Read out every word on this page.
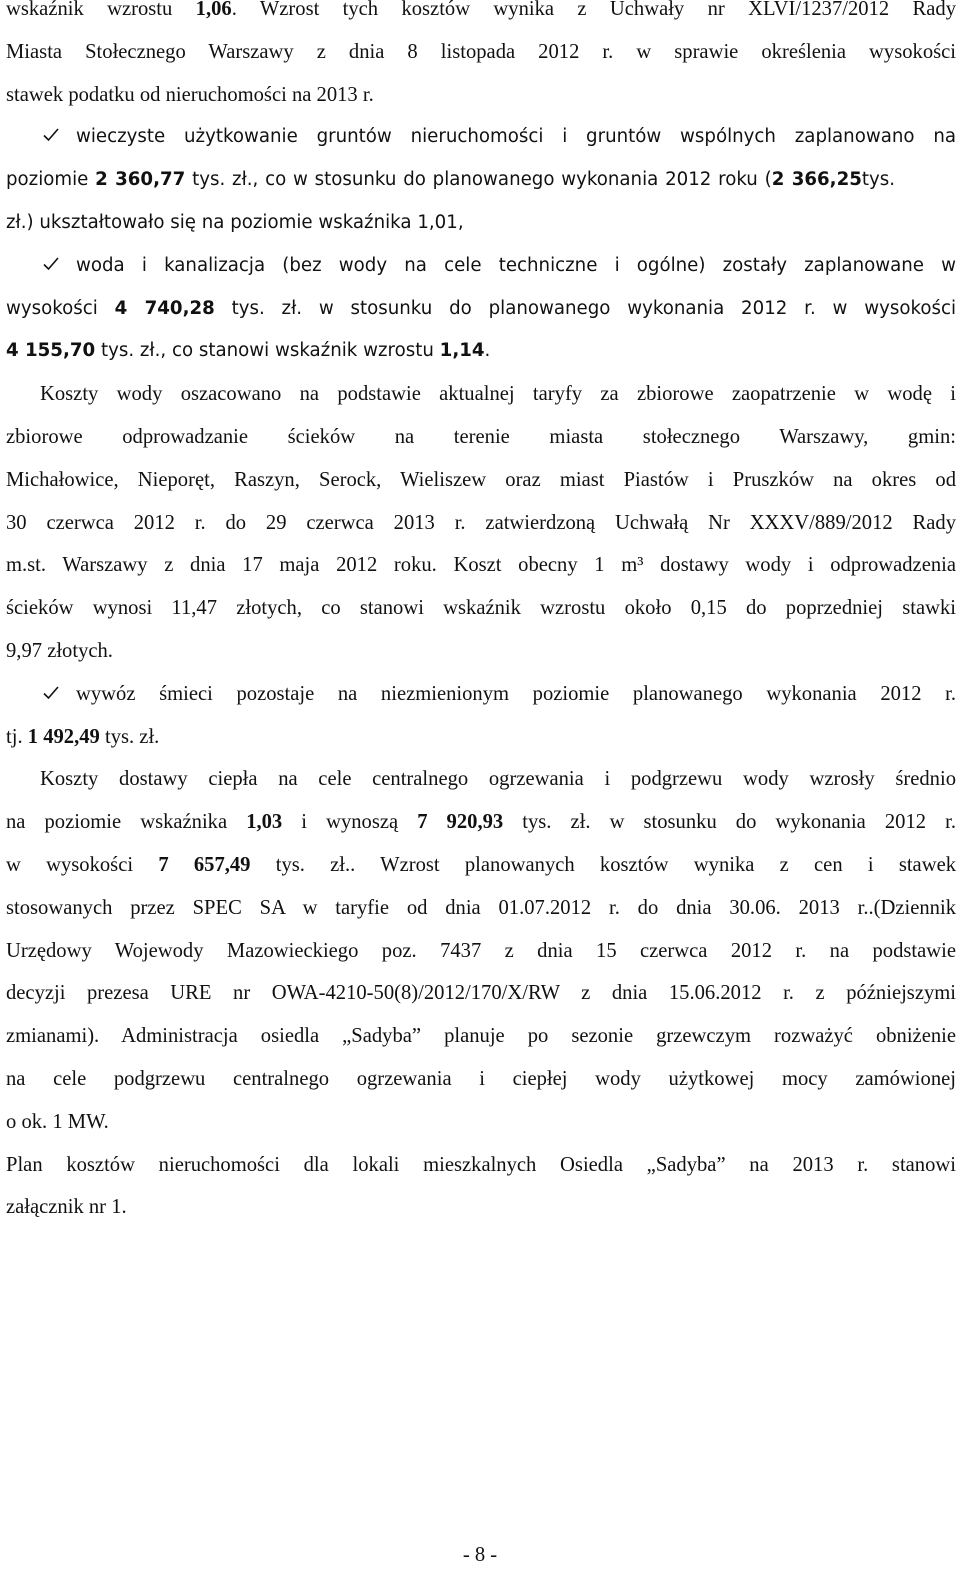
wskaźnik wzrostu 1,06. Wzrost tych kosztów wynika z Uchwały nr XLVI/1237/2012 Rady
Miasta Stołecznego Warszawy z dnia 8 listopada 2012 r. w sprawie określenia wysokości
stawek podatku od nieruchomości na 2013 r.
wieczyste użytkowanie gruntów nieruchomości i gruntów wspólnych zaplanowano na
poziomie 2 360,77 tys. zł., co w stosunku do planowanego wykonania 2012 roku (2 366,25tys.
zł.) ukształtowało się na poziomie wskaźnika 1,01,
woda i kanalizacja (bez wody na cele techniczne i ogólne) zostały zaplanowane w
wysokości 4 740,28 tys. zł. w stosunku do planowanego wykonania 2012 r. w wysokości
4 155,70 tys. zł., co stanowi wskaźnik wzrostu 1,14.
Koszty wody oszacowano na podstawie aktualnej taryfy za zbiorowe zaopatrzenie w wodę i
zbiorowe odprowadzanie ścieków na terenie miasta stołecznego Warszawy, gmin:
Michałowice, Nieporęt, Raszyn, Serock, Wieliszew oraz miast Piastów i Pruszków na okres od
30 czerwca 2012 r. do 29 czerwca 2013 r. zatwierdzoną Uchwałą Nr XXXV/889/2012 Rady
m.st. Warszawy z dnia 17 maja 2012 roku. Koszt obecny 1 m³ dostawy wody i odprowadzenia
ścieków wynosi 11,47 złotych, co stanowi wskaźnik wzrostu około 0,15 do poprzedniej stawki
9,97 złotych.
wywóz śmieci pozostaje na niezmienionym poziomie planowanego wykonania 2012 r.
tj. 1 492,49 tys. zł.
Koszty dostawy ciepła na cele centralnego ogrzewania i podgrzewu wody wzrosły średnio
na poziomie wskaźnika 1,03 i wynoszą 7 920,93 tys. zł. w stosunku do wykonania 2012 r.
w wysokości 7 657,49 tys. zł.. Wzrost planowanych kosztów wynika z cen i stawek
stosowanych przez SPEC SA w taryfie od dnia 01.07.2012 r. do dnia 30.06. 2013 r..(Dziennik
Urzędowy Wojewody Mazowieckiego poz. 7437 z dnia 15 czerwca 2012 r. na podstawie
decyzji prezesa URE nr OWA-4210-50(8)/2012/170/X/RW z dnia 15.06.2012 r. z późniejszymi
zmianami). Administracja osiedla „Sadyba” planuje po sezonie grzewczym rozważyć obniżenie
na cele podgrzewu centralnego ogrzewania i ciepłej wody użytkowej mocy zamówionej
o ok. 1 MW.
Plan kosztów nieruchomości dla lokali mieszkalnych Osiedla „Sadyba” na 2013 r. stanowi
załącznik nr 1.
- 8 -
